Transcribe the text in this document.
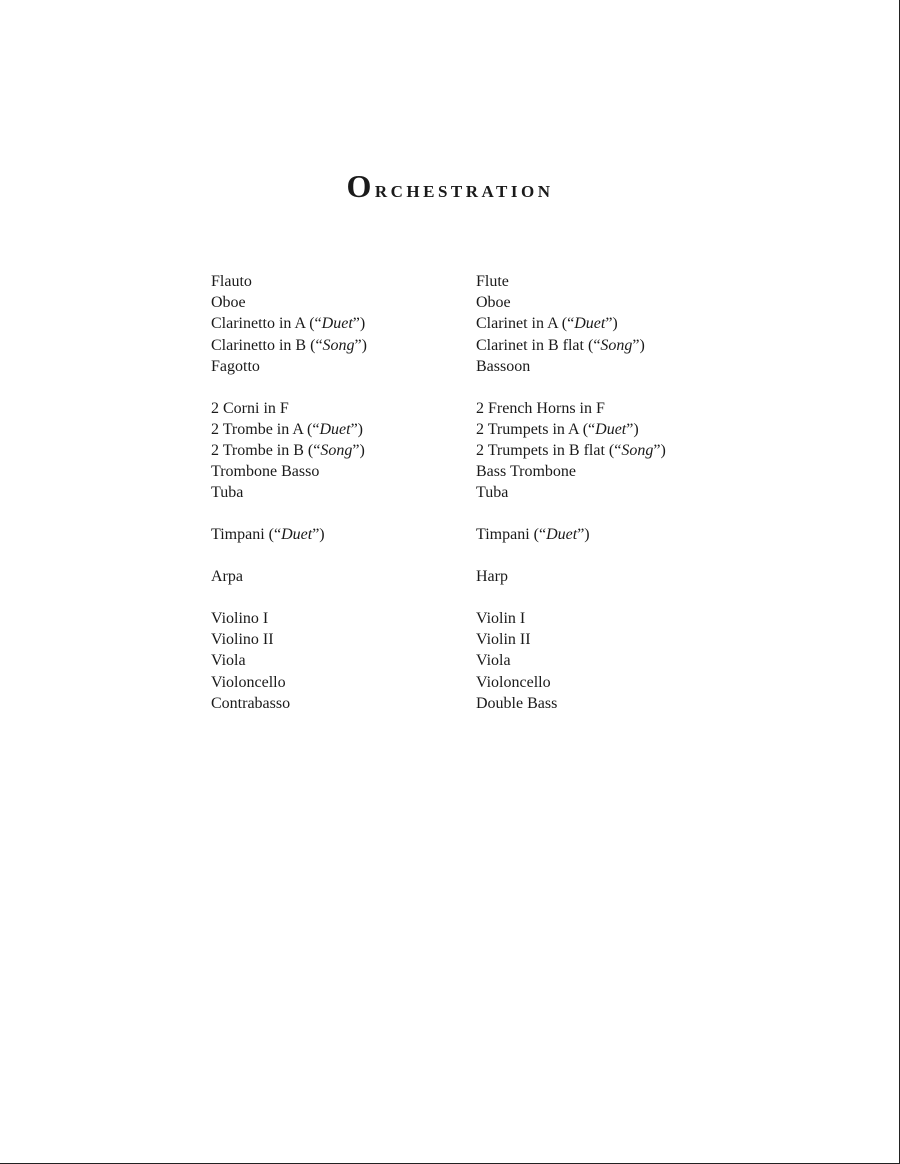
Orchestration
Flauto
Oboe
Clarinetto in A (“Duet”)
Clarinetto in B (“Song”)
Fagotto
2 Corni in F
2 Trombe in A (“Duet”)
2 Trombe in B (“Song”)
Trombone Basso
Tuba
Timpani (“Duet”)
Arpa
Violino I
Violino II
Viola
Violoncello
Contrabasso
Flute
Oboe
Clarinet in A (“Duet”)
Clarinet in B flat (“Song”)
Bassoon
2 French Horns in F
2 Trumpets in A (“Duet”)
2 Trumpets in B flat (“Song”)
Bass Trombone
Tuba
Timpani (“Duet”)
Harp
Violin I
Violin II
Viola
Violoncello
Double Bass
